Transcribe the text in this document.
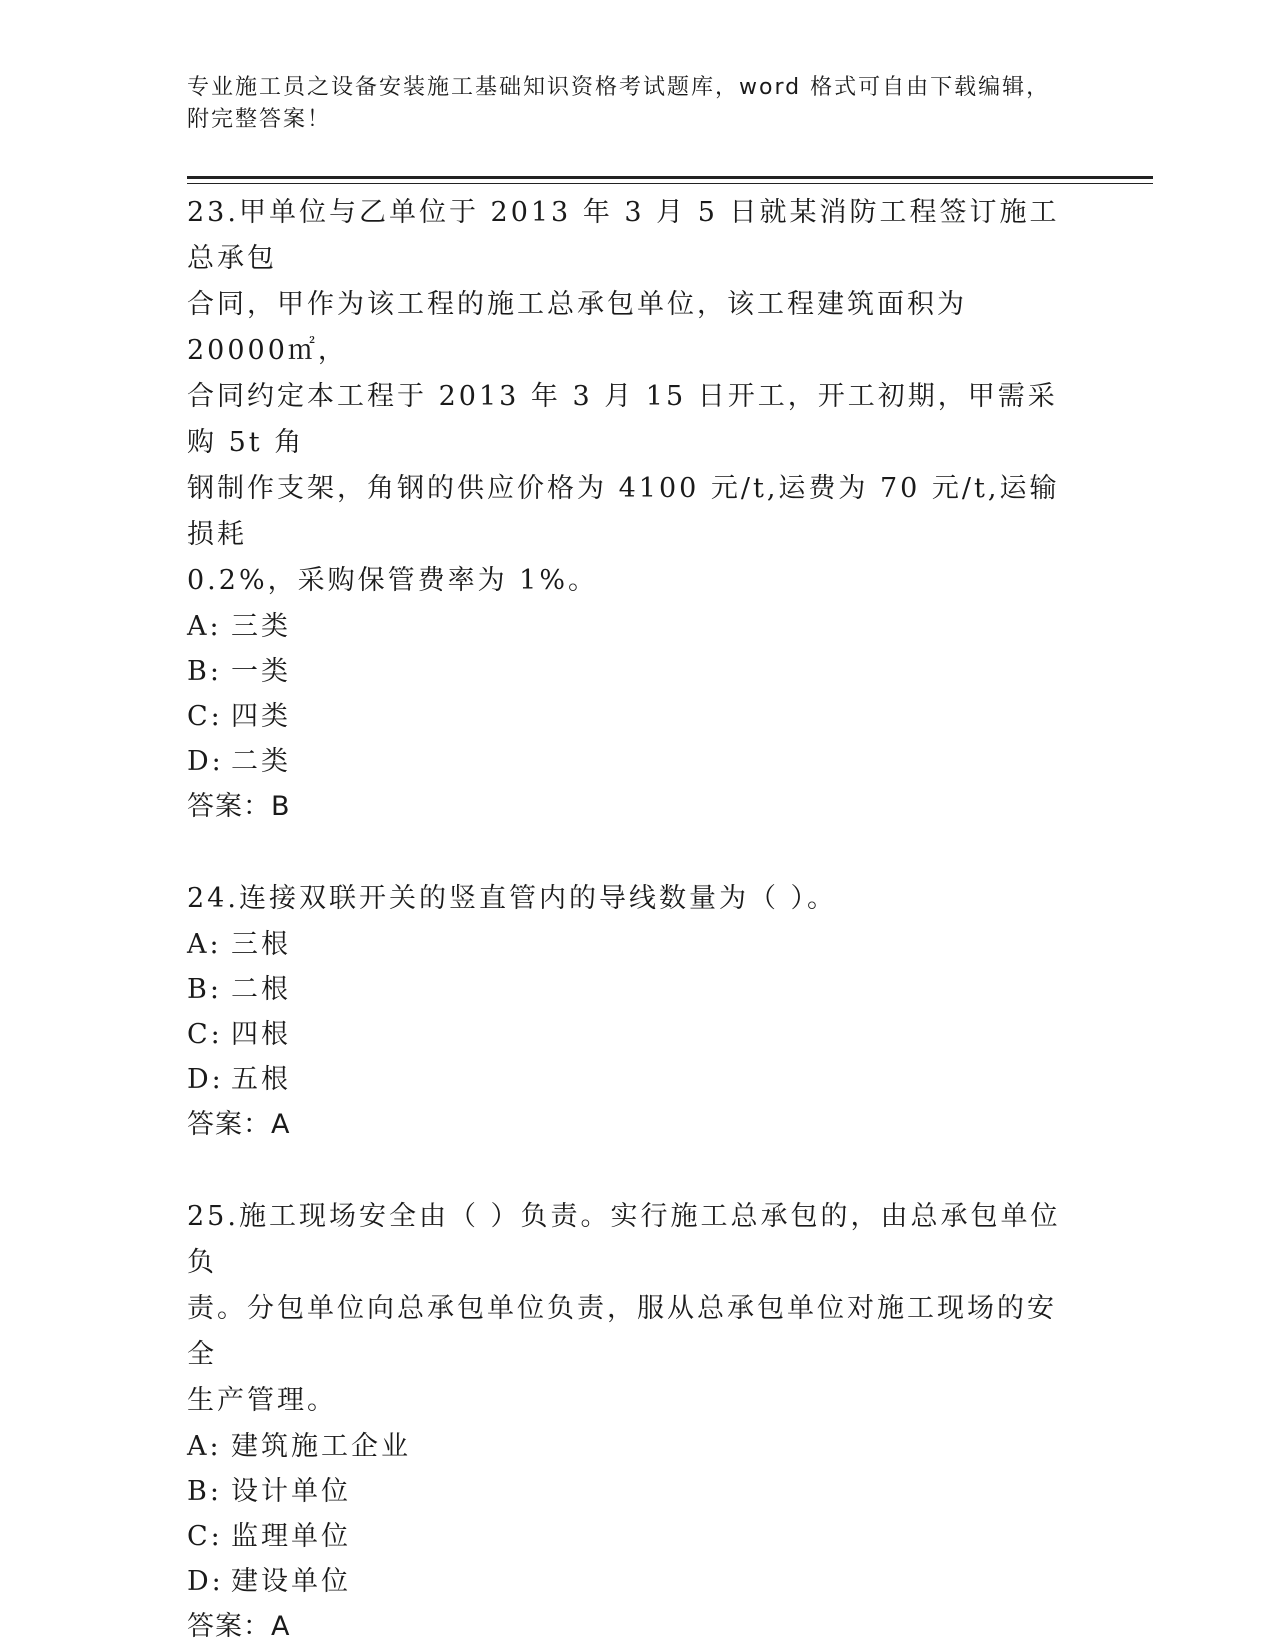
专业施工员之设备安装施工基础知识资格考试题库，word 格式可自由下载编辑，
附完整答案！
23.甲单位与乙单位于 2013 年 3 月 5 日就某消防工程签订施工总承包
合同，甲作为该工程的施工总承包单位，该工程建筑面积为 20000㎡，
合同约定本工程于 2013 年 3 月 15 日开工，开工初期，甲需采购 5t 角
钢制作支架，角钢的供应价格为 4100 元/t,运费为 70 元/t,运输损耗
0.2%，采购保管费率为 1%。
A: 三类
B: 一类
C: 四类
D: 二类
答案：B
24.连接双联开关的竖直管内的导线数量为（ ）。
A: 三根
B: 二根
C: 四根
D: 五根
答案：A
25.施工现场安全由（ ）负责。实行施工总承包的，由总承包单位负
责。分包单位向总承包单位负责，服从总承包单位对施工现场的安全
生产管理。
A: 建筑施工企业
B: 设计单位
C: 监理单位
D: 建设单位
答案：A
